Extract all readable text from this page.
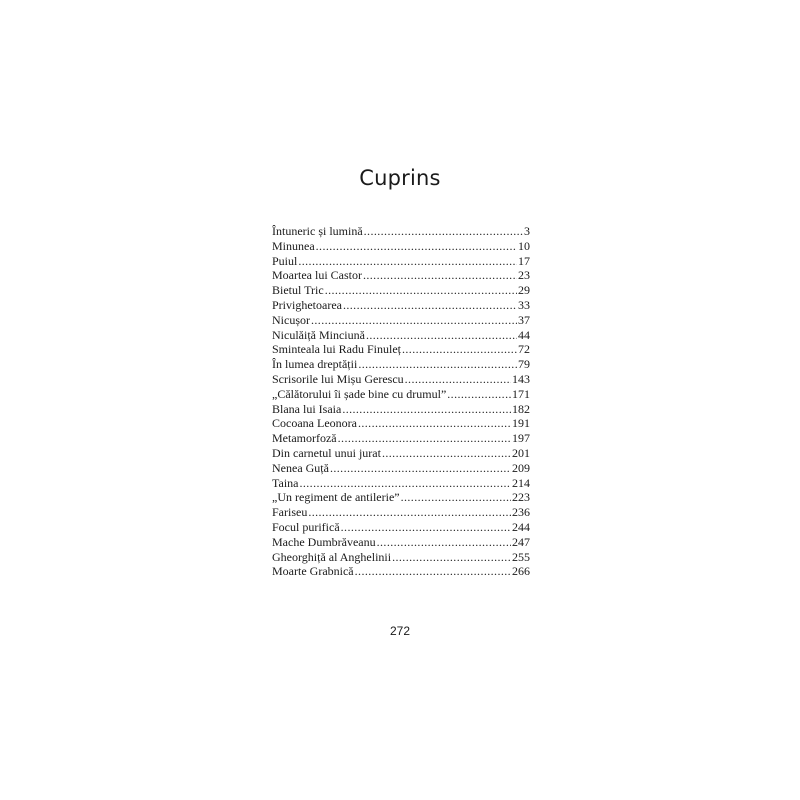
Cuprins
Întuneric și lumină .....	3
Minunea .....	10
Puiul .....	17
Moartea lui Castor .....	23
Bietul Tric .....	29
Privighetoarea .....	33
Nicușor .....	37
Niculăiță Minciună .....	44
Sminteala lui Radu Finuleț .....	72
În lumea dreptății .....	79
Scrisorile lui Mișu Gerescu .....	143
„Călătorului îi șade bine cu drumul” .....	171
Blana lui Isaia .....	182
Cocoana Leonora .....	191
Metamorfoză .....	197
Din carnetul unui jurat .....	201
Nenea Guță .....	209
Taina .....	214
„Un regiment de antilerie” .....	223
Fariseu .....	236
Focul purifică .....	244
Mache Dumbrăveanu .....	247
Gheorghiță al Anghelinii .....	255
Moarte Grabnică .....	266
272
